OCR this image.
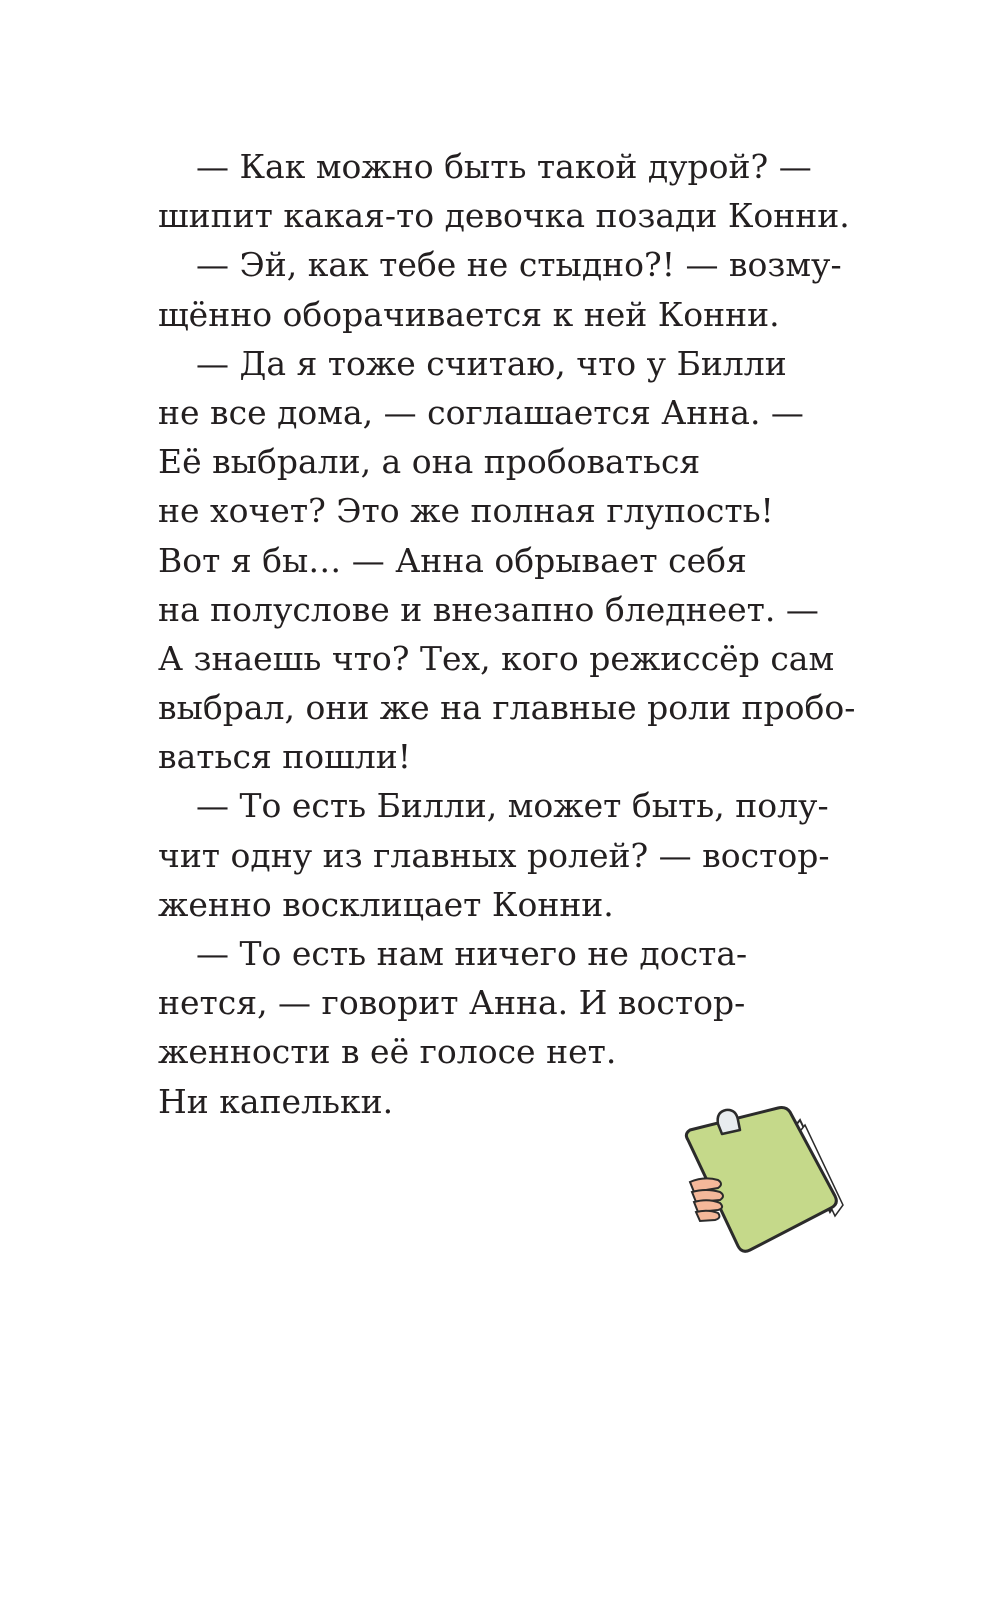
— Как можно быть такой дурой? —
шипит какая-то девочка позади Конни.
— Эй, как тебе не стыдно?! — возму-
щённо оборачивается к ней Конни.
— Да я тоже считаю, что у Билли
не все дома, — соглашается Анна. —
Её выбрали, а она пробоваться
не хочет? Это же полная глупость!
Вот я бы… — Анна обрывает себя
на полуслове и внезапно бледнеет. —
А знаешь что? Тех, кого режиссёр сам
выбрал, они же на главные роли пробо-
ваться пошли!
— То есть Билли, может быть, полу-
чит одну из главных ролей? — востор-
женно восклицает Конни.
— То есть нам ничего не доста-
нется, — говорит Анна. И востор-
женности в её голосе нет.
Ни капельки.
